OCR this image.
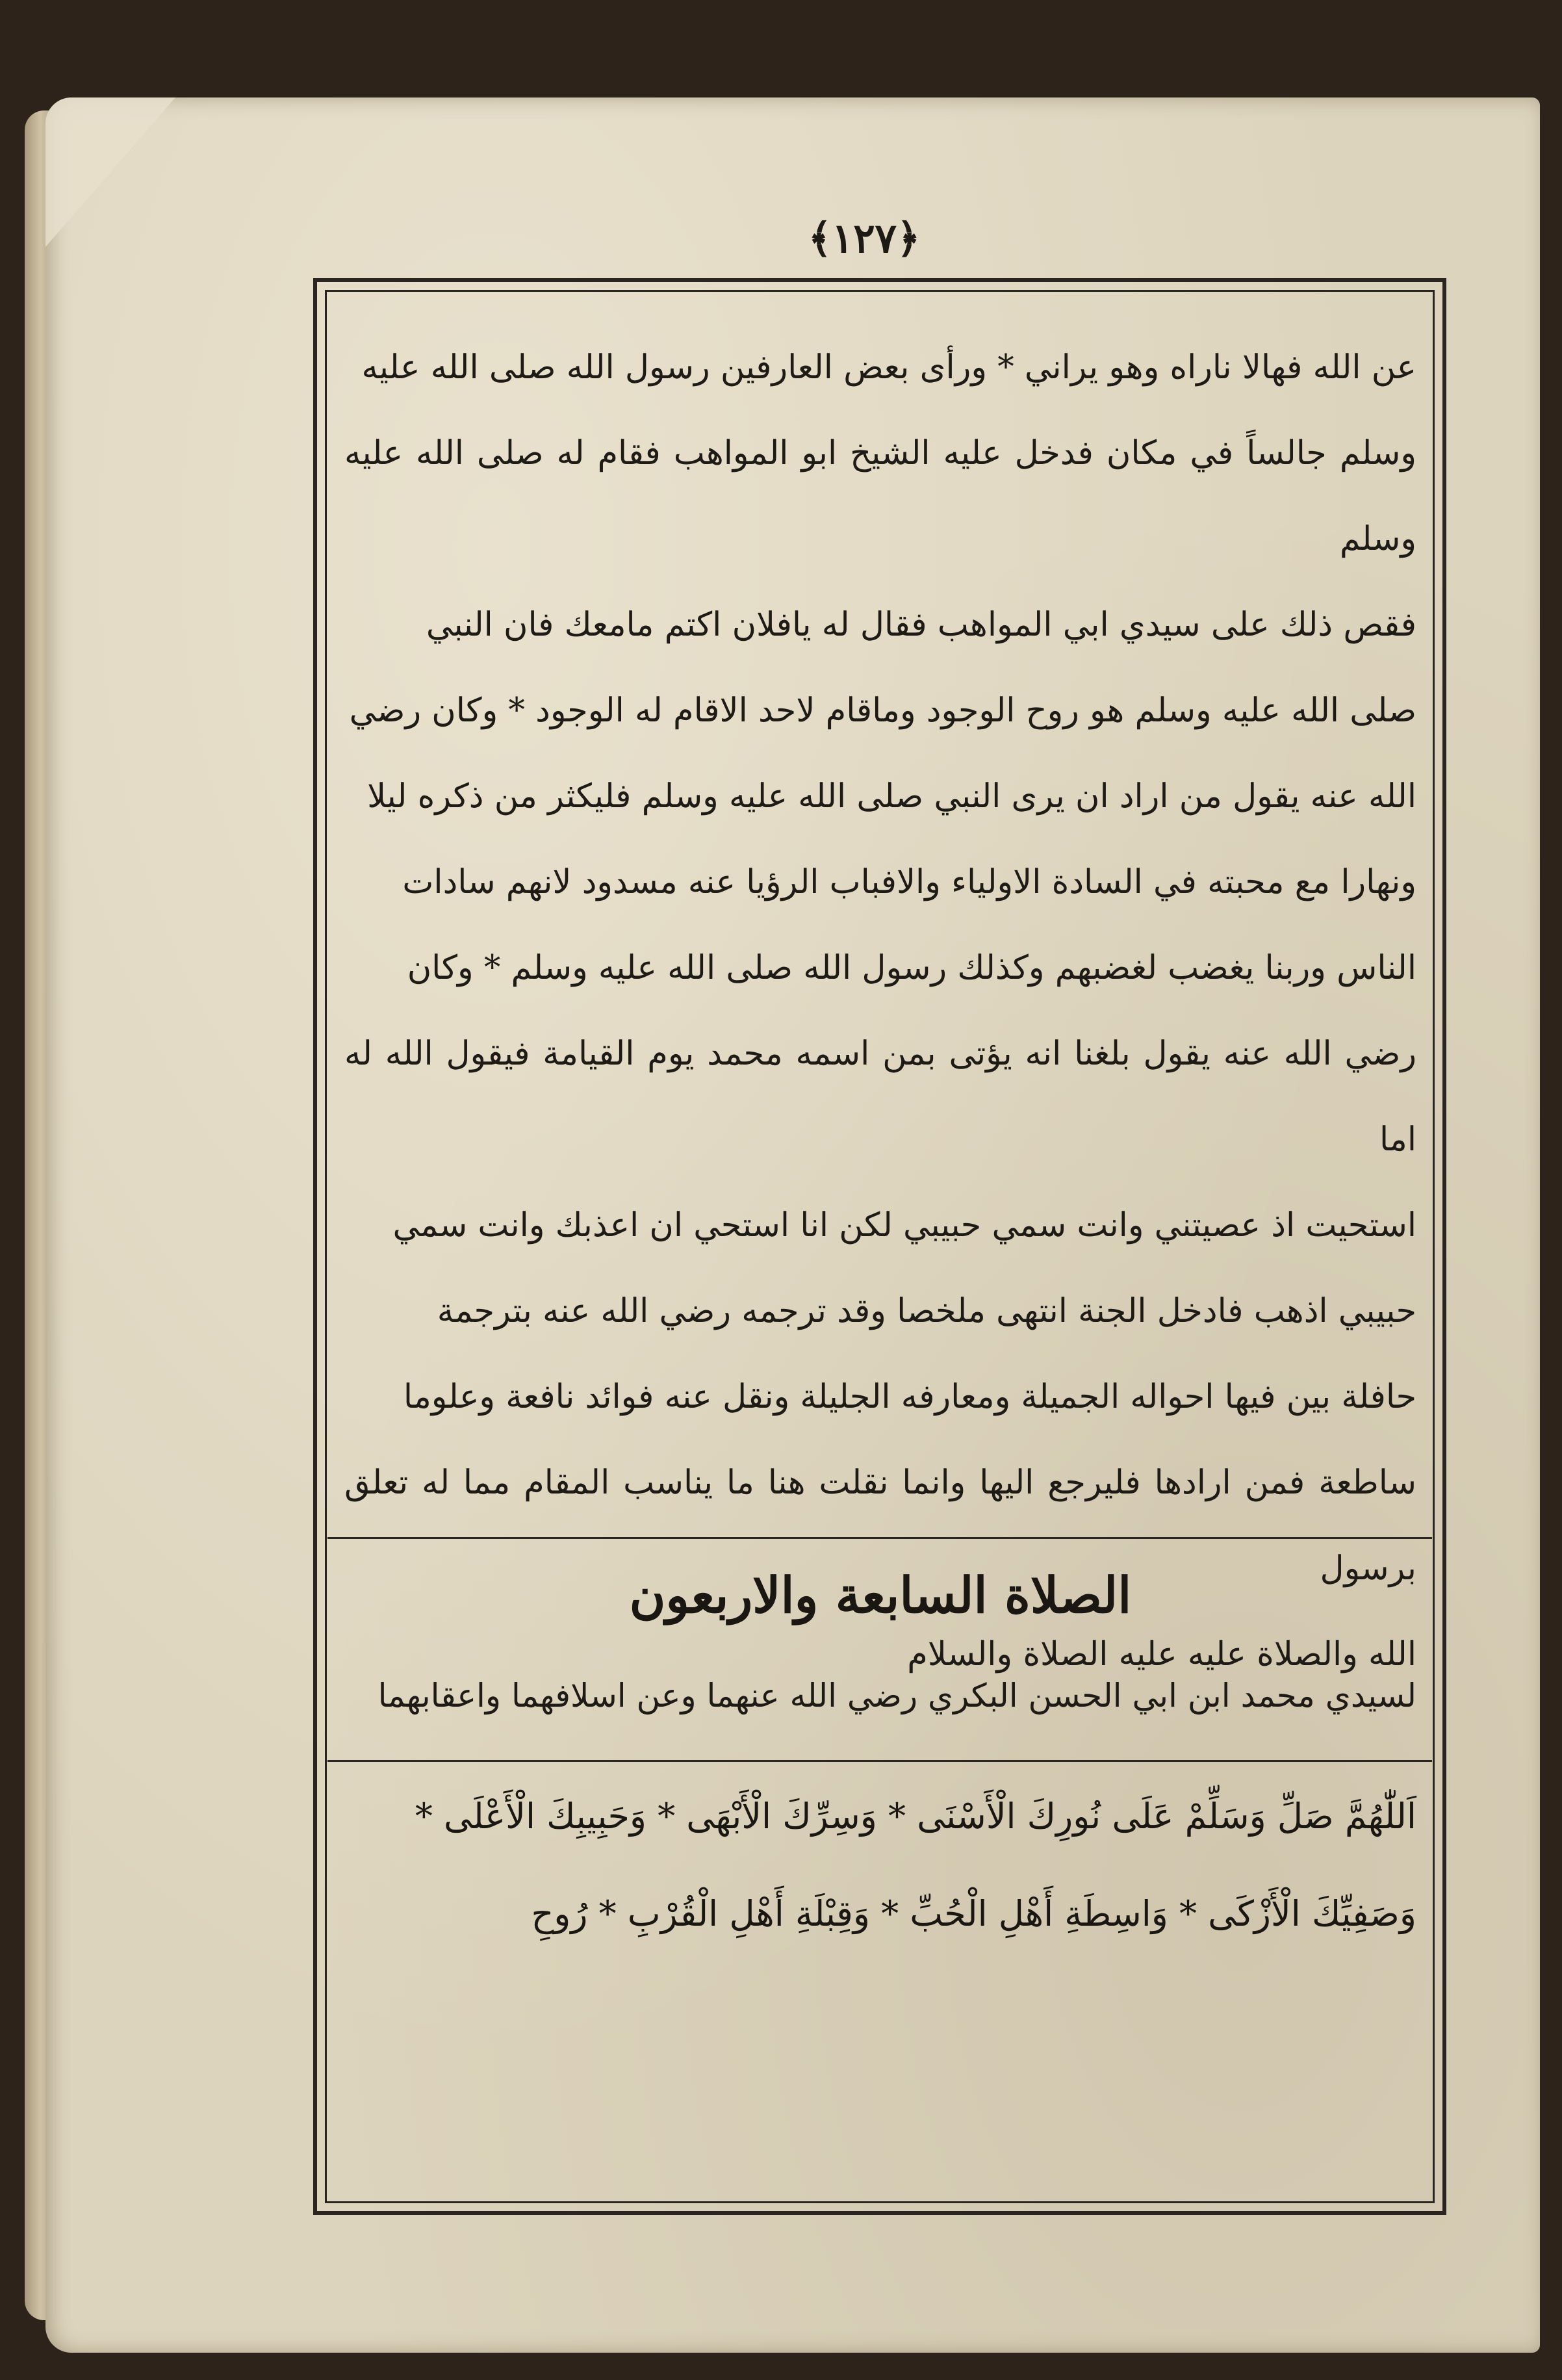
﴿١٢٧﴾
عن الله فهالا ناراه وهو يراني * ورأى بعض العارفين رسول الله صلى الله عليه
وسلم جالساً في مكان فدخل عليه الشيخ ابو المواهب فقام له صلى الله عليه وسلم
فقص ذلك على سيدي ابي المواهب فقال له يافلان اكتم مامعك فان النبي
صلى الله عليه وسلم هو روح الوجود وماقام لاحد الاقام له الوجود * وكان رضي
الله عنه يقول من اراد ان يرى النبي صلى الله عليه وسلم فليكثر من ذكره ليلا
ونهارا مع محبته في السادة الاولياء والافباب الرؤيا عنه مسدود لانهم سادات
الناس وربنا يغضب لغضبهم وكذلك رسول الله صلى الله عليه وسلم * وكان
رضي الله عنه يقول بلغنا انه يؤتى بمن اسمه محمد يوم القيامة فيقول الله له اما
استحيت اذ عصيتني وانت سمي حبيبي لكن انا استحي ان اعذبك وانت سمي
حبيبي اذهب فادخل الجنة انتهى ملخصا وقد ترجمه رضي الله عنه بترجمة
حافلة بين فيها احواله الجميلة ومعارفه الجليلة ونقل عنه فوائد نافعة وعلوما
ساطعة فمن ارادها فليرجع اليها وانما نقلت هنا ما يناسب المقام مما له تعلق برسول
الله والصلاة عليه عليه الصلاة والسلام
الصلاة السابعة والاربعون
لسيدي محمد ابن ابي الحسن البكري رضي الله عنهما وعن اسلافهما واعقابهما
اَللّٰهُمَّ صَلِّ وَسَلِّمْ عَلَى نُورِكَ الْأَسْنَى * وَسِرِّكَ الْأَبْهَى * وَحَبِيبِكَ الْأَعْلَى *
وَصَفِيِّكَ الْأَزْكَى * وَاسِطَةِ أَهْلِ الْحُبِّ * وَقِبْلَةِ أَهْلِ الْقُرْبِ * رُوحِ
